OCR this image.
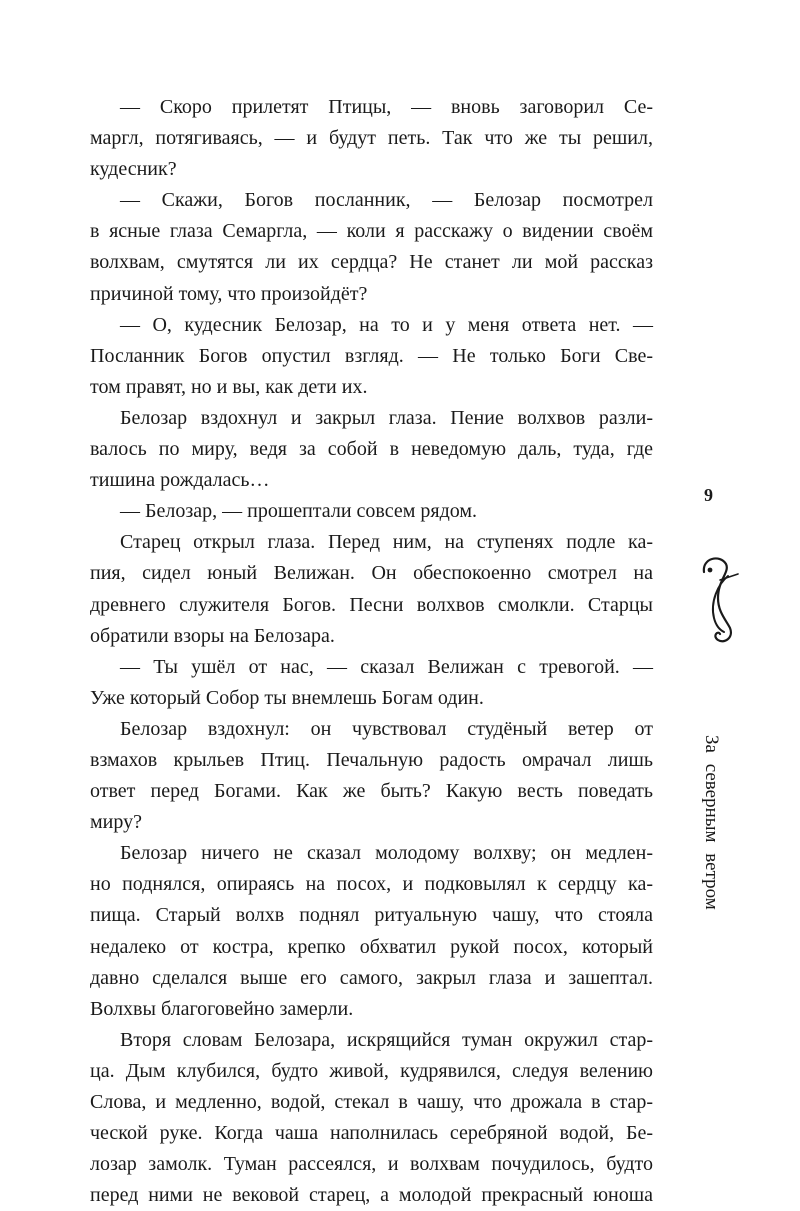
— Скоро прилетят Птицы, — вновь заговорил Се-
маргл, потягиваясь, — и будут петь. Так что же ты решил,
кудесник?
— Скажи, Богов посланник, — Белозар посмотрел
в ясные глаза Семаргла, — коли я расскажу о видении своём
волхвам, смутятся ли их сердца? Не станет ли мой рассказ
причиной тому, что произойдёт?
— О, кудесник Белозар, на то и у меня ответа нет. —
Посланник Богов опустил взгляд. — Не только Боги Све-
том правят, но и вы, как дети их.
Белозар вздохнул и закрыл глаза. Пение волхвов разли-
валось по миру, ведя за собой в неведомую даль, туда, где
тишина рождалась…
— Белозар, — прошептали совсем рядом.
Старец открыл глаза. Перед ним, на ступенях подле ка-
пия, сидел юный Велижан. Он обеспокоенно смотрел на
древнего служителя Богов. Песни волхвов смолкли. Старцы
обратили взоры на Белозара.
— Ты ушёл от нас, — сказал Велижан с тревогой. —
Уже который Собор ты внемлешь Богам один.
Белозар вздохнул: он чувствовал студёный ветер от
взмахов крыльев Птиц. Печальную радость омрачал лишь
ответ перед Богами. Как же быть? Какую весть поведать
миру?
Белозар ничего не сказал молодому волхву; он медлен-
но поднялся, опираясь на посох, и подковылял к сердцу ка-
пища. Старый волхв поднял ритуальную чашу, что стояла
недалеко от костра, крепко обхватил рукой посох, который
давно сделался выше его самого, закрыл глаза и зашептал.
Волхвы благоговейно замерли.
Вторя словам Белозара, искрящийся туман окружил стар-
ца. Дым клубился, будто живой, кудрявился, следуя велению
Слова, и медленно, водой, стекал в чашу, что дрожала в стар-
ческой руке. Когда чаша наполнилась серебряной водой, Бе-
лозар замолк. Туман рассеялся, и волхвам почудилось, будто
перед ними не вековой старец, а молодой прекрасный юноша
9
За северным ветром
